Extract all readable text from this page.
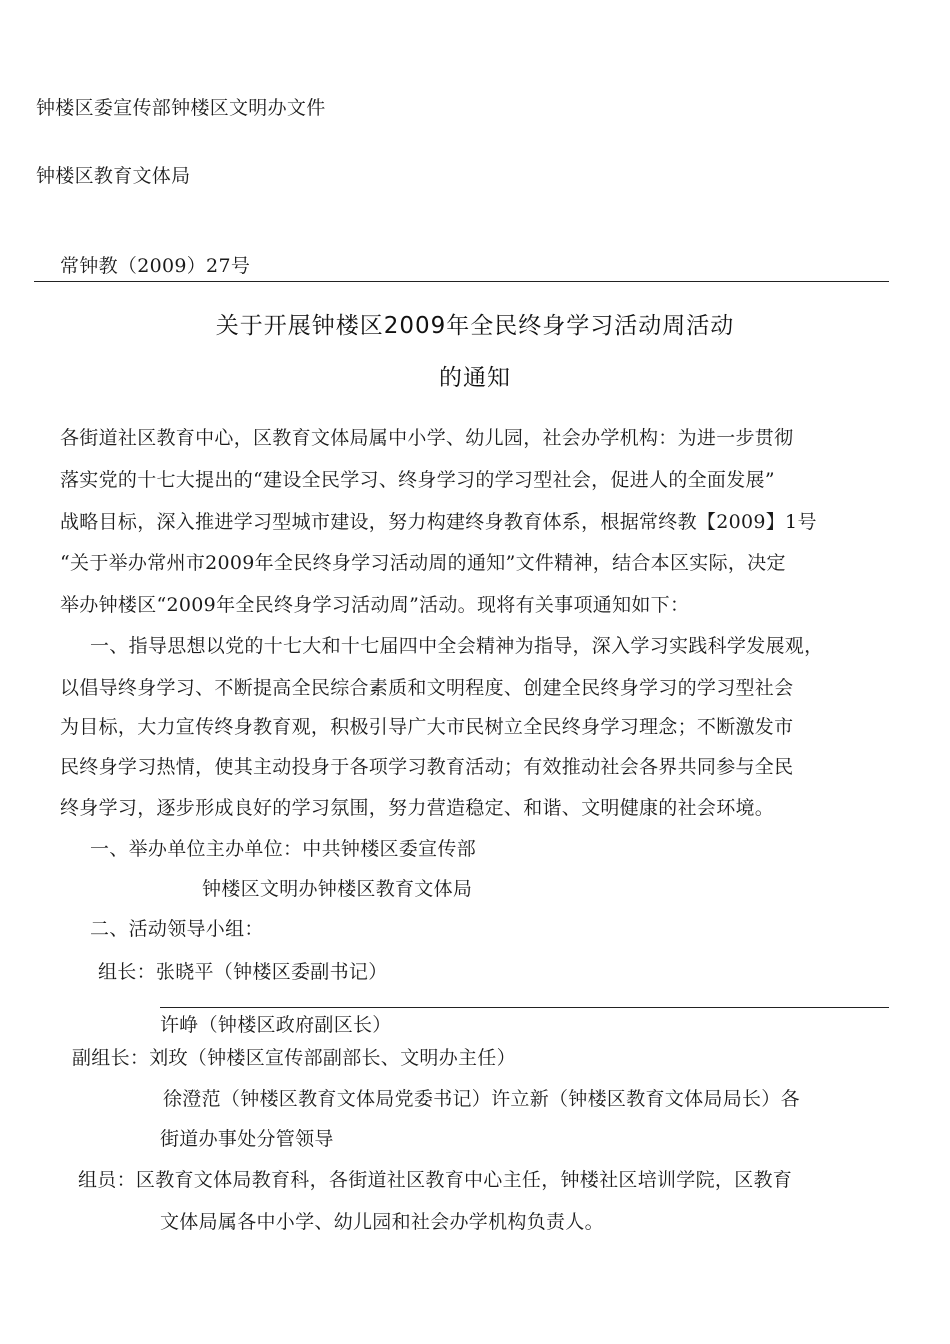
钟楼区委宣传部钟楼区文明办文件
钟楼区教育文体局
常钟教（2009）27号
关于开展钟楼区2009年全民终身学习活动周活动
的通知
各街道社区教育中心，区教育文体局属中小学、幼儿园，社会办学机构：为进一步贯彻
落实党的十七大提出的“建设全民学习、终身学习的学习型社会，促进人的全面发展”
战略目标，深入推进学习型城市建设，努力构建终身教育体系，根据常终教【2009】1号
“关于举办常州市2009年全民终身学习活动周的通知”文件精神，结合本区实际，决定
举办钟楼区“2009年全民终身学习活动周”活动。现将有关事项通知如下：
一、指导思想以党的十七大和十七届四中全会精神为指导，深入学习实践科学发展观，
以倡导终身学习、不断提高全民综合素质和文明程度、创建全民终身学习的学习型社会
为目标，大力宣传终身教育观，积极引导广大市民树立全民终身学习理念；不断激发市
民终身学习热情，使其主动投身于各项学习教育活动；有效推动社会各界共同参与全民
终身学习，逐步形成良好的学习氛围，努力营造稳定、和谐、文明健康的社会环境。
一、举办单位主办单位：中共钟楼区委宣传部
钟楼区文明办钟楼区教育文体局
二、活动领导小组：
组长：张晓平（钟楼区委副书记）
许峥（钟楼区政府副区长）
副组长：刘玫（钟楼区宣传部副部长、文明办主任）
徐澄范（钟楼区教育文体局党委书记）许立新（钟楼区教育文体局局长）各
街道办事处分管领导
组员：区教育文体局教育科，各街道社区教育中心主任，钟楼社区培训学院，区教育
文体局属各中小学、幼儿园和社会办学机构负责人。
